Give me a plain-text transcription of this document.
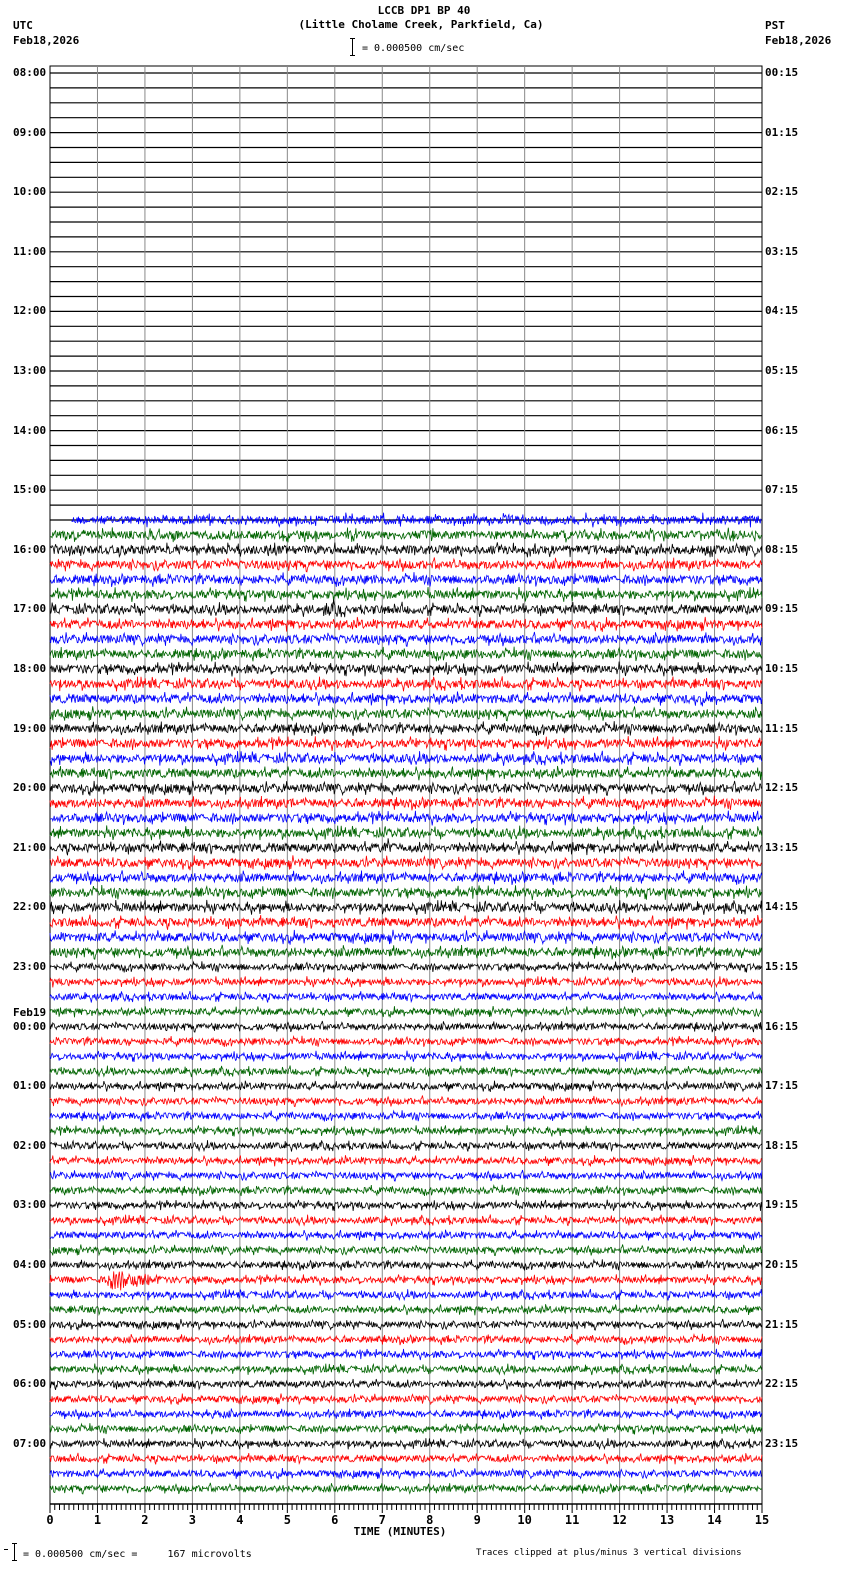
LCCB DP1 BP 40
(Little Cholame Creek, Parkfield, Ca)
UTC
Feb18,2026
PST
Feb18,2026
= 0.000500 cm/sec
= 0.000500 cm/sec =     167 microvolts	Traces clipped at plus/minus 3 vertical divisions
0	1	2	3	4	5	6	7	8	9	10	11	12	13	14	15
TIME (MINUTES)
08:00
09:00
10:00
11:00
12:00
13:00
14:00
15:00
16:00
17:00
18:00
19:00
20:00
21:00
22:00
23:00
00:00
01:00
02:00
03:00
04:00
05:00
06:00
07:00
00:15
01:15
02:15
03:15
04:15
05:15
06:15
07:15
08:15
09:15
10:15
11:15
12:15
13:15
14:15
15:15
16:15
17:15
18:15
19:15
20:15
21:15
22:15
23:15
Feb19
